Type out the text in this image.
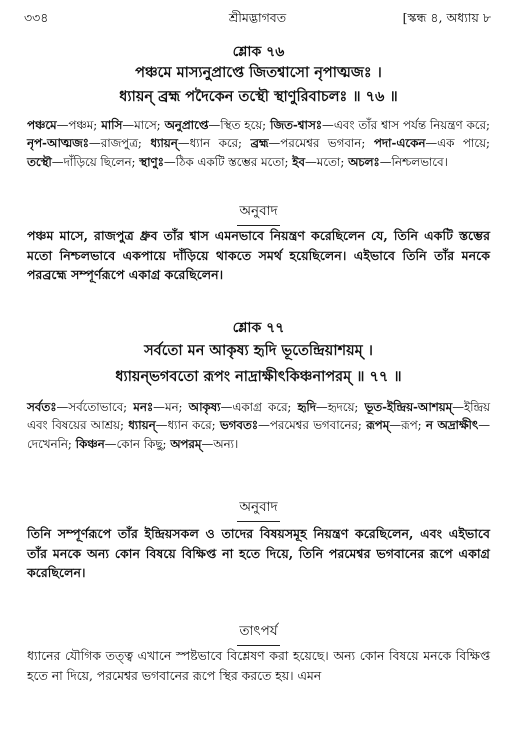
৩৩৪	শ্রীমদ্ভাগবত	[স্কন্ধ ৪, অধ্যায় ৮
শ্লোক ৭৬
পঞ্চমে মাস্যনুপ্রাপ্তে জিতশ্বাসো নৃপাত্মজঃ ।
ধ্যায়ন্ ব্রহ্ম পদৈকেন তস্থৌ স্থাণুরিবাচলঃ ॥ ৭৬ ॥
পঞ্চমে—পঞ্চম; মাসি—মাসে; অনুপ্রাপ্তে—স্থিত হয়ে; জিত-শ্বাসঃ—এবং তাঁর শ্বাস পর্যন্ত নিয়ন্ত্রণ করে; নৃপ-আত্মজঃ—রাজপুত্র; ধ্যায়ন্—ধ্যান করে; ব্রহ্ম—পরমেশ্বর ভগবান; পদা-একেন—এক পায়ে; তস্থৌ—দাঁড়িয়ে ছিলেন; স্থাণুঃ—ঠিক একটি স্তম্ভের মতো; ইব—মতো; অচলঃ—নিশ্চলভাবে।
অনুবাদ
পঞ্চম মাসে, রাজপুত্র ধ্রুব তাঁর শ্বাস এমনভাবে নিয়ন্ত্রণ করেছিলেন যে, তিনি একটি স্তম্ভের মতো নিশ্চলভাবে একপায়ে দাঁড়িয়ে থাকতে সমর্থ হয়েছিলেন। এইভাবে তিনি তাঁর মনকে পরব্রহ্মে সম্পূর্ণরূপে একাগ্র করেছিলেন।
শ্লোক ৭৭
সর্বতো মন আকৃষ্য হৃদি ভূতেন্দ্রিয়াশয়ম্ ।
ধ্যায়ন্ভগবতো রূপং নাদ্রাক্ষীৎকিঞ্চনাপরম্ ॥ ৭৭ ॥
সর্বতঃ—সর্বতোভাবে; মনঃ—মন; আকৃষ্য—একাগ্র করে; হৃদি—হৃদয়ে; ভূত-ইন্দ্রিয়-আশয়ম্—ইন্দ্রিয় এবং বিষয়ের আশ্রয়; ধ্যায়ন্—ধ্যান করে; ভগবতঃ—পরমেশ্বর ভগবানের; রূপম্—রূপ; ন অদ্রাক্ষীৎ—দেখেননি; কিঞ্চন—কোন কিছু; অপরম্—অন্য।
অনুবাদ
তিনি সম্পূর্ণরূপে তাঁর ইন্দ্রিয়সকল ও তাদের বিষয়সমূহ নিয়ন্ত্রণ করেছিলেন, এবং এইভাবে তাঁর মনকে অন্য কোন বিষয়ে বিক্ষিপ্ত না হতে দিয়ে, তিনি পরমেশ্বর ভগবানের রূপে একাগ্র করেছিলেন।
তাৎপর্য
ধ্যানের যৌগিক তত্ত্ব এখানে স্পষ্টভাবে বিশ্লেষণ করা হয়েছে। অন্য কোন বিষয়ে মনকে বিক্ষিপ্ত হতে না দিয়ে, পরমেশ্বর ভগবানের রূপে স্থির করতে হয়। এমন
